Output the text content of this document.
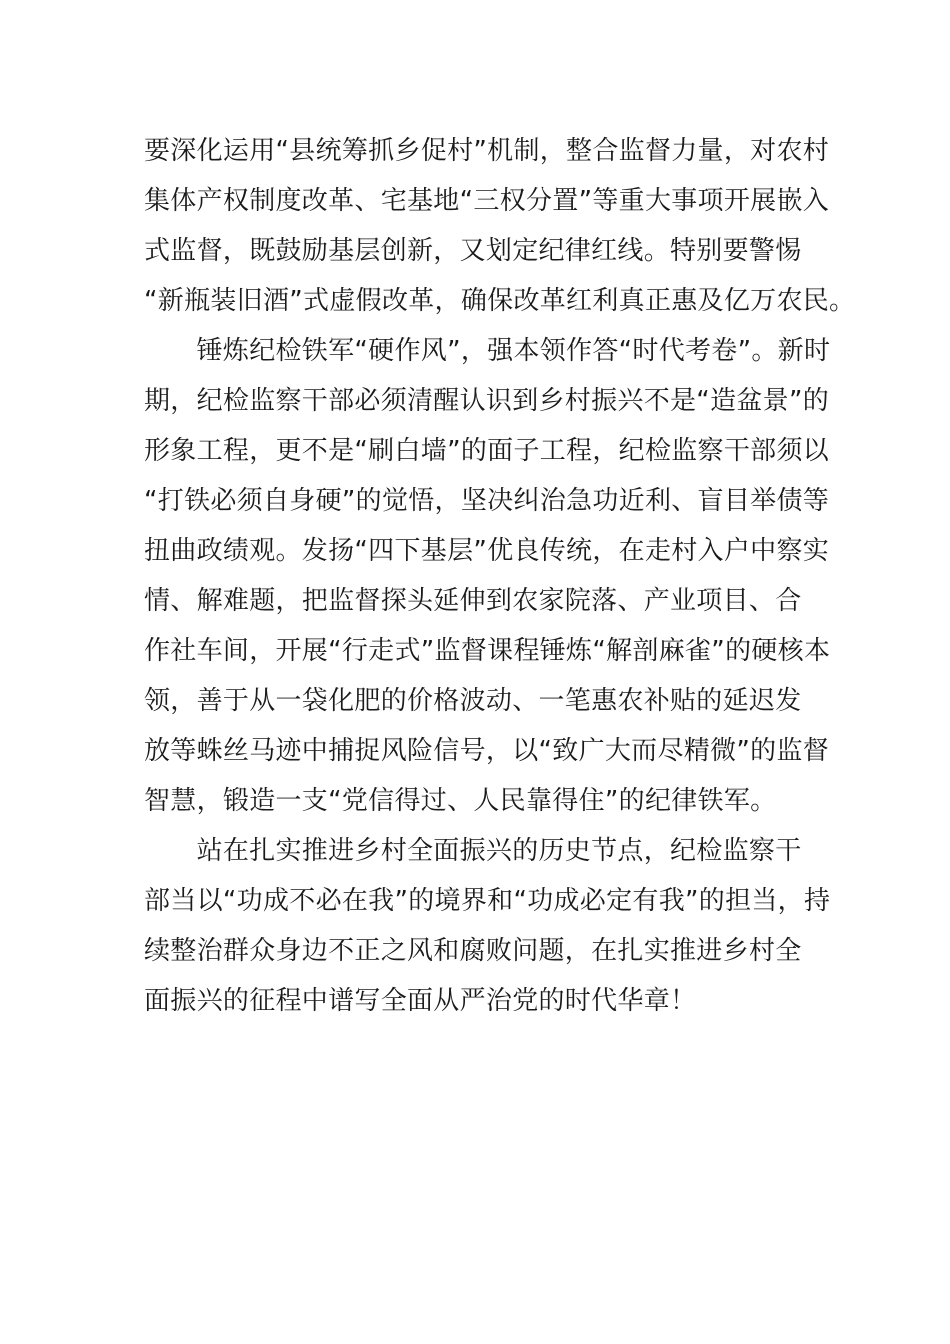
要深化运用“县统筹抓乡促村”机制，整合监督力量，对农村
集体产权制度改革、宅基地“三权分置”等重大事项开展嵌入
式监督，既鼓励基层创新，又划定纪律红线。特别要警惕
“新瓶装旧酒”式虚假改革，确保改革红利真正惠及亿万农民。
　　锤炼纪检铁军“硬作风”，强本领作答“时代考卷”。新时
期，纪检监察干部必须清醒认识到乡村振兴不是“造盆景”的
形象工程，更不是“刷白墙”的面子工程，纪检监察干部须以
“打铁必须自身硬”的觉悟，坚决纠治急功近利、盲目举债等
扭曲政绩观。发扬“四下基层”优良传统，在走村入户中察实
情、解难题，把监督探头延伸到农家院落、产业项目、合
作社车间，开展“行走式”监督课程锤炼“解剖麻雀”的硬核本
领，善于从一袋化肥的价格波动、一笔惠农补贴的延迟发
放等蛛丝马迹中捕捉风险信号，以“致广大而尽精微”的监督
智慧，锻造一支“党信得过、人民靠得住”的纪律铁军。
　　站在扎实推进乡村全面振兴的历史节点，纪检监察干
部当以“功成不必在我”的境界和“功成必定有我”的担当，持
续整治群众身边不正之风和腐败问题，在扎实推进乡村全
面振兴的征程中谱写全面从严治党的时代华章！
